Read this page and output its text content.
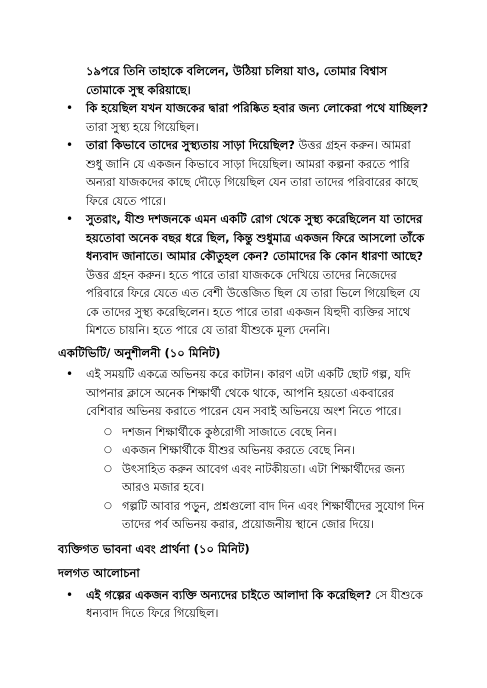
১৯পরে তিনি তাহাকে বলিলেন, উঠিয়া চলিয়া যাও, তোমার বিশ্বাস তোমাকে সুস্থ করিয়াছে।
• কি হয়েছিল যখন যাজকের দ্বারা পরিষ্কিত হবার জন্য লোকেরা পথে যাচ্ছিল? তারা সুস্থ্য হয়ে গিয়েছিল।
• তারা কিভাবে তাদের সুস্থ্যতায় সাড়া দিয়েছিল? উত্তর গ্রহন করুন। আমরা শুধু জানি যে একজন কিভাবে সাড়া দিয়েছিল। আমরা কল্পনা করতে পারি অন্যরা যাজকদের কাছে দৌড়ে গিয়েছিল যেন তারা তাদের পরিবারের কাছে ফিরে যেতে পারে।
• সুতরাং, যীশু দশজনকে এমন একটি রোগ থেকে সুস্থ্য করেছিলেন যা তাদের হয়তোবা অনেক বছর ধরে ছিল, কিন্তু শুধুমাত্র একজন ফিরে আসলো তাঁকে ধন্যবাদ জানাতে। আমার কৌতুহল কেন? তোমাদের কি কোন ধারণা আছে? উত্তর গ্রহন করুন। হতে পারে তারা যাজককে দেখিয়ে তাদের নিজেদের পরিবারে ফিরে যেতে এত বেশী উত্তেজিত ছিল যে তারা ভিলে গিয়েছিল যে কে তাদের সুস্থ্য করেছিলেন। হতে পারে তারা একজন যিহুদী ব্যক্তির সাথে মিশতে চায়নি। হতে পারে যে তারা যীশুকে মূল্য দেননি।
একটিভিটি/ অনুশীলনী (১০ মিনিট)
• এই সময়টি একত্রে অভিনয় করে কাটান। কারণ এটা একটি ছোট গল্প, যদি আপনার ক্লাসে অনেক শিক্ষার্থী থেকে থাকে, আপনি হয়তো একবারের বেশিবার অভিনয় করাতে পারেন যেন সবাই অভিনয়ে অংশ নিতে পারে।
○ দশজন শিক্ষার্থীকে কুষ্ঠরোগী সাজাতে বেছে নিন।
○ একজন শিক্ষার্থীকে যীশুর অভিনয় করতে বেছে নিন।
○ উৎসাহিত করুন আবেগ এবং নাটকীয়তা। এটা শিক্ষার্থীদের জন্য আরও মজার হবে।
○ গল্পটি আবার পড়ুন, প্রশ্নগুলো বাদ দিন এবং শিক্ষার্থীদের সুযোগ দিন তাদের পর্ব অভিনয় করার, প্রয়োজনীয় স্থানে জোর দিয়ে।
ব্যক্তিগত ভাবনা এবং প্রার্থনা (১০ মিনিট)
দলগত আলোচনা
• এই গল্পের একজন ব্যক্তি অন্যদের চাইতে আলাদা কি করেছিল? সে যীশুকে ধন্যবাদ দিতে ফিরে গিয়েছিল।
